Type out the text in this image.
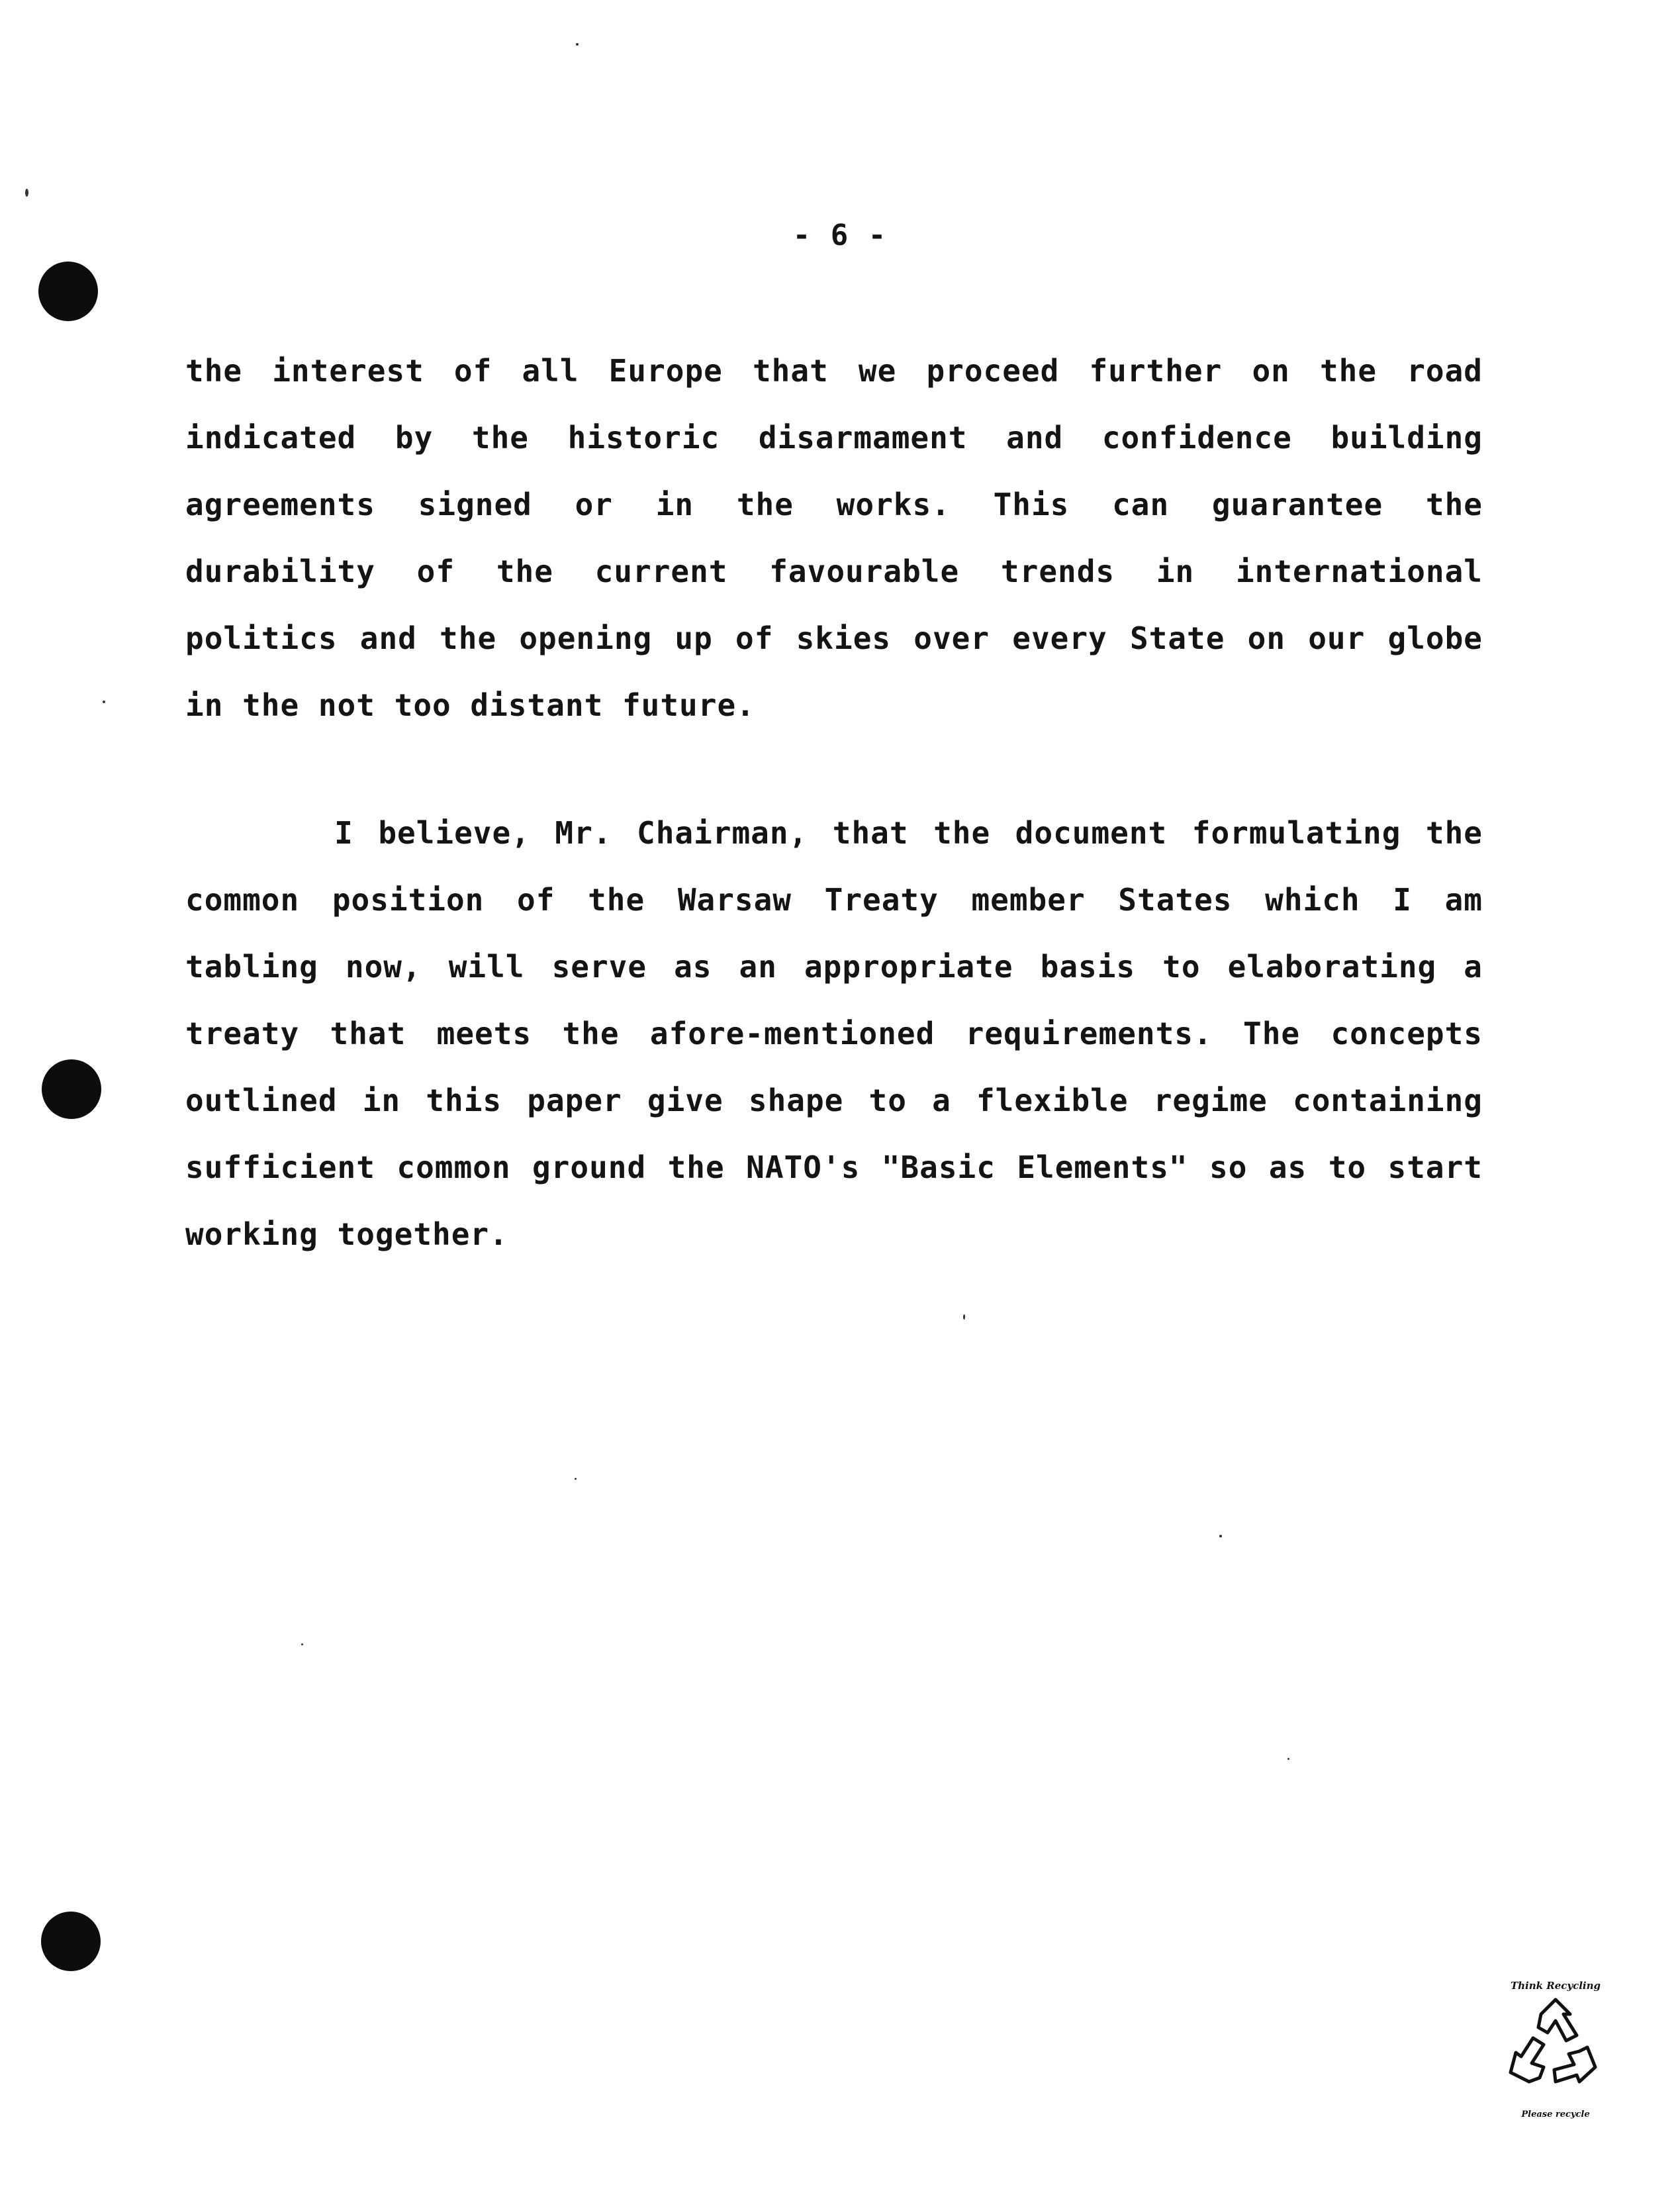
- 6 -

the interest of all Europe that we proceed further on the road
indicated by the historic disarmament and confidence building
agreements signed or in the works. This can guarantee the
durability of the current favourable trends in international
politics and the opening up of skies over every State on our globe
in the not too distant future.

I believe, Mr. Chairman, that the document formulating the
common position of the Warsaw Treaty member States which I am
tabling now, will serve as an appropriate basis to elaborating a
treaty that meets the afore-mentioned requirements. The concepts
outlined in this paper give shape to a flexible regime containing
sufficient common ground the NATO's "Basic Elements" so as to start
working together.

Think Recycling
Please recycle
